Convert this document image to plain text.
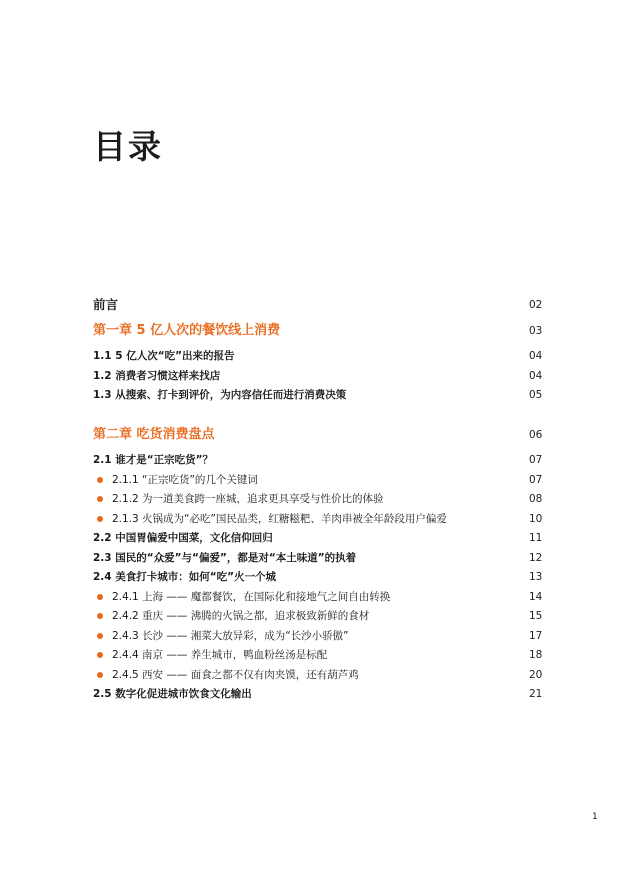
目录
前言	02
第一章 5 亿人次的餐饮线上消费	03
1.1 5 亿人次“吃”出来的报告	04
1.2 消费者习惯这样来找店	04
1.3 从搜索、打卡到评价，为内容信任而进行消费决策	05
第二章 吃货消费盘点	06
2.1 谁才是“正宗吃货”？	07
2.1.1 “正宗吃货”的几个关键词	07
2.1.2 为一道美食跨一座城，追求更具享受与性价比的体验	08
2.1.3 火锅成为“必吃”国民品类，红糖糍粑、羊肉串被全年龄段用户偏爱	10
2.2 中国胃偏爱中国菜，文化信仰回归	11
2.3 国民的“众爱”与“偏爱”，都是对“本土味道”的执着	12
2.4 美食打卡城市：如何“吃”火一个城	13
2.4.1 上海 —— 魔都餐饮，在国际化和接地气之间自由转换	14
2.4.2 重庆 —— 沸腾的火锅之都，追求极致新鲜的食材	15
2.4.3 长沙 —— 湘菜大放异彩，成为“长沙小骄傲”	17
2.4.4 南京 —— 养生城市，鸭血粉丝汤是标配	18
2.4.5 西安 —— 面食之都不仅有肉夹馍，还有葫芦鸡	20
2.5 数字化促进城市饮食文化输出	21
1
